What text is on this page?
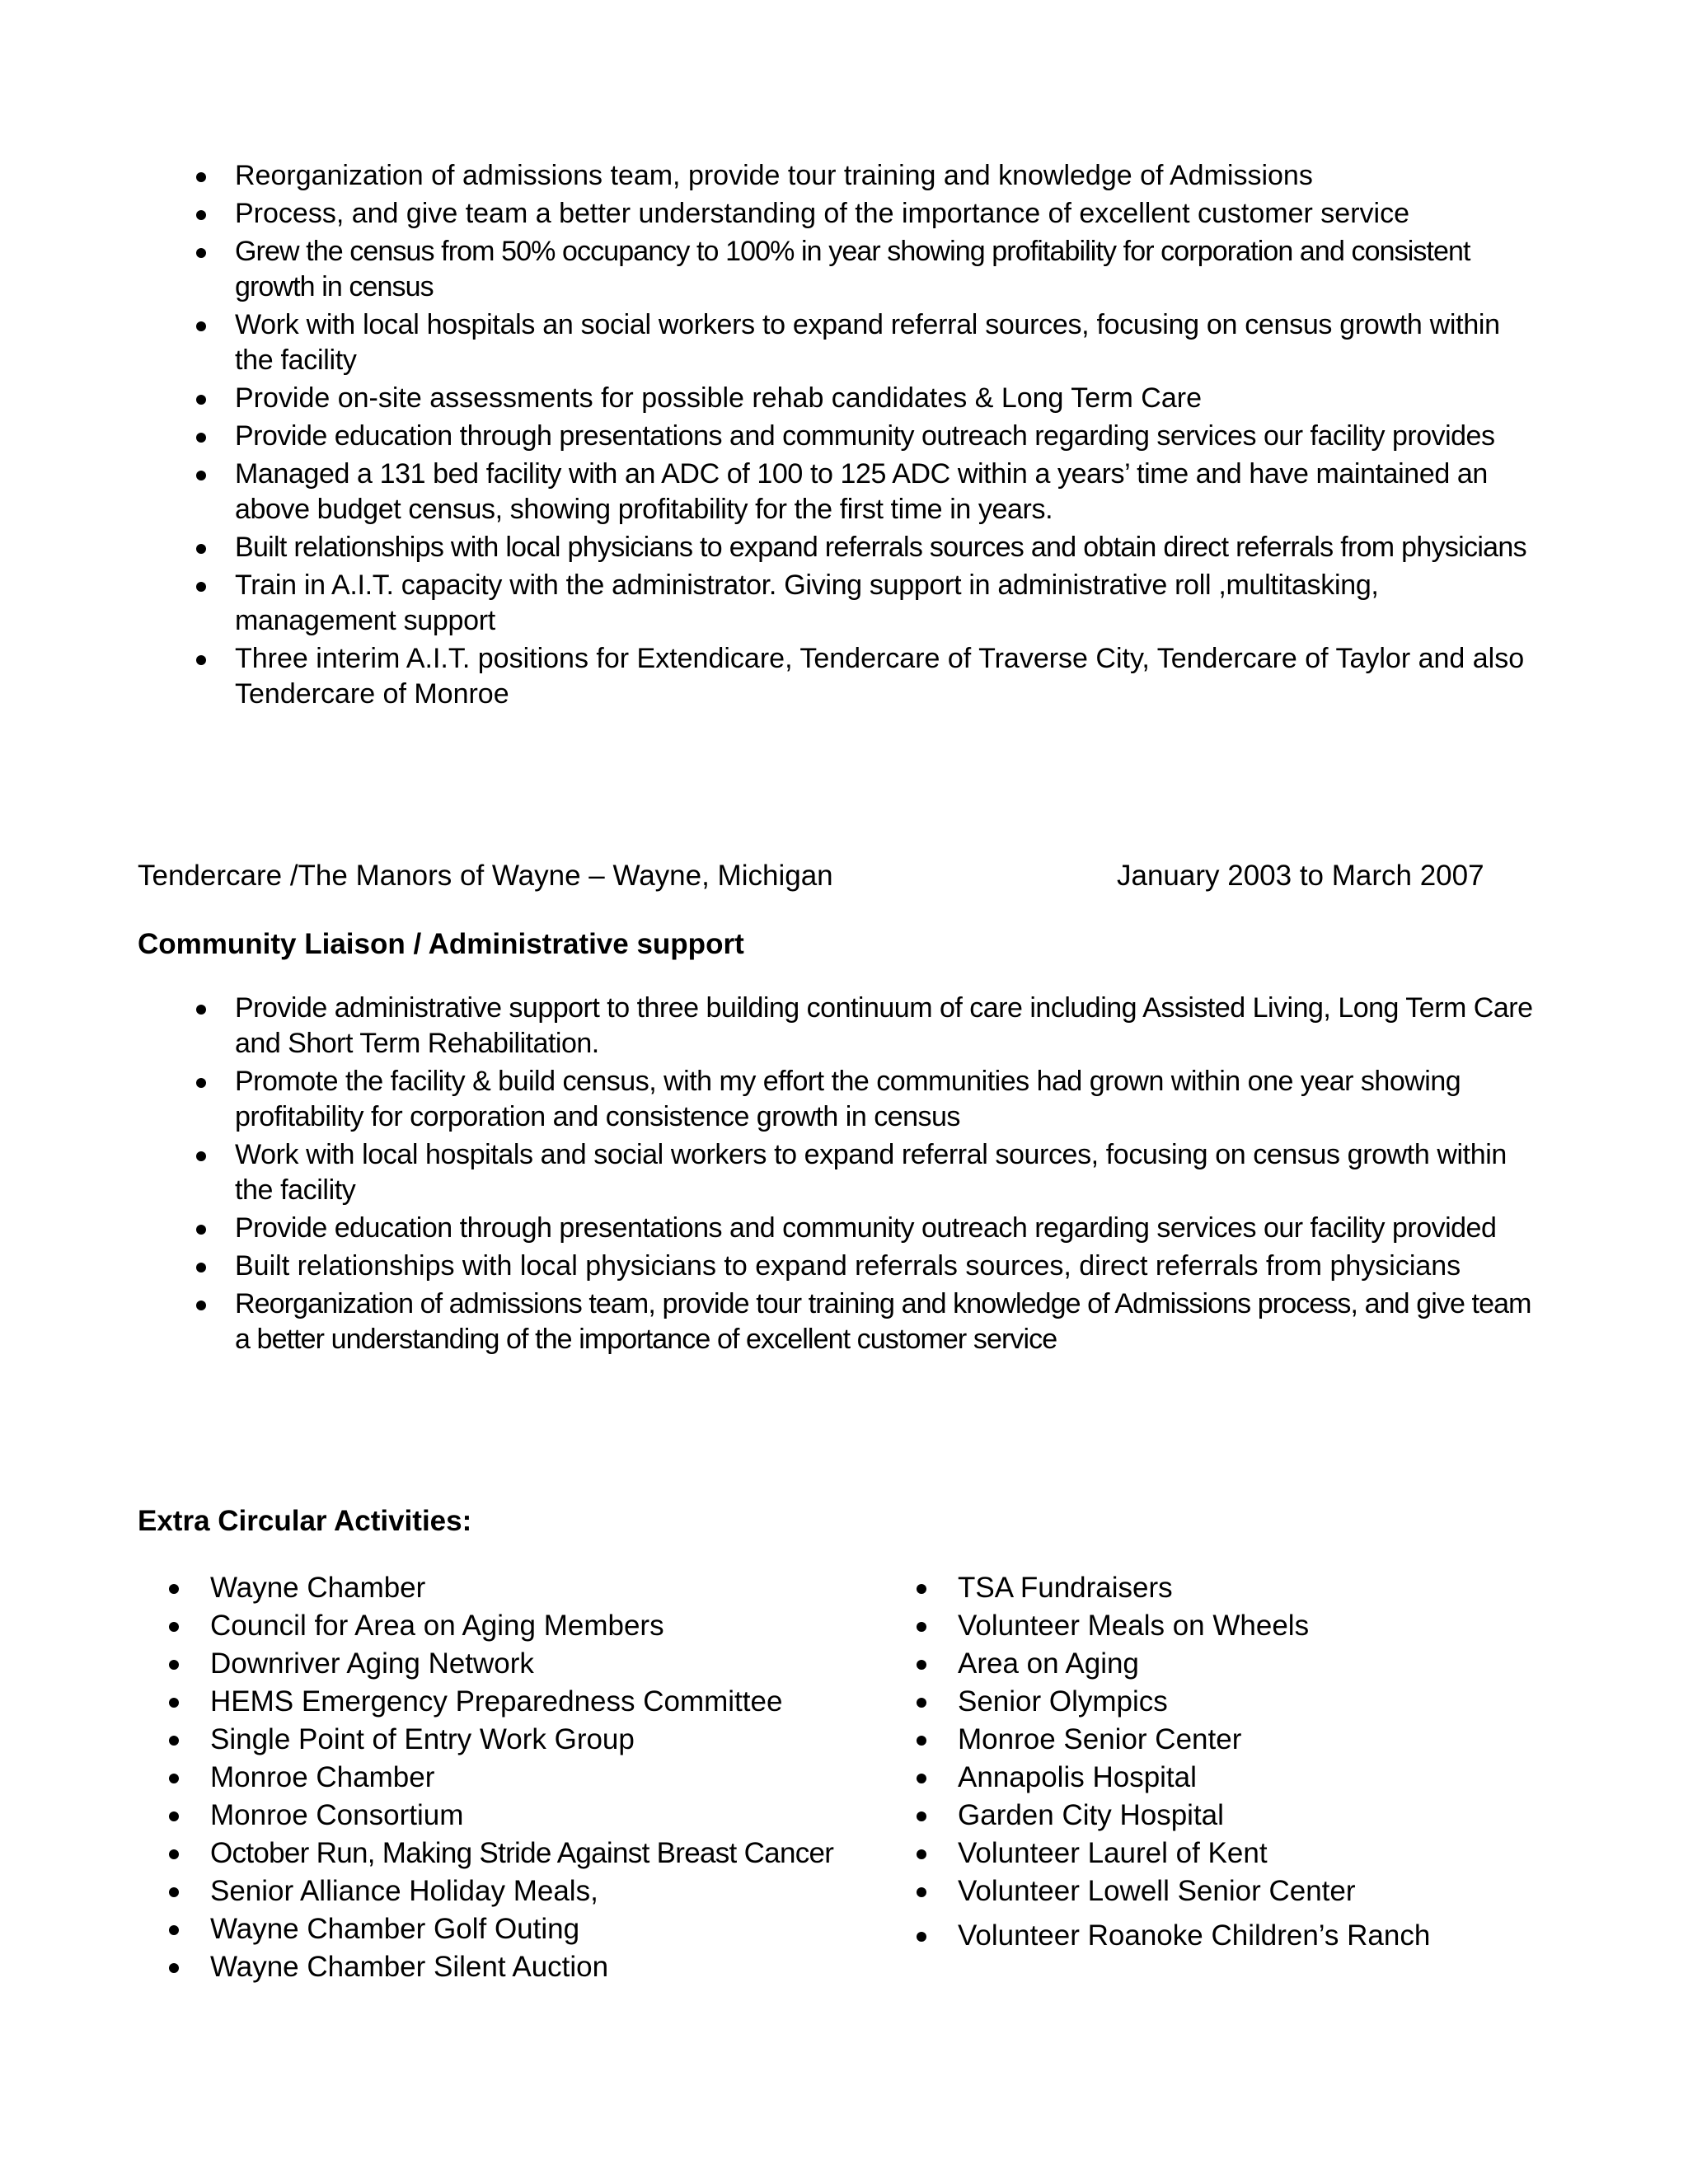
Reorganization of admissions team, provide tour training and knowledge of Admissions
Process, and give team a better understanding of the importance of excellent customer service
Grew the census from 50% occupancy to 100% in year showing profitability for corporation and consistent growth in census
Work with local hospitals an social workers to expand referral sources, focusing on census growth within the facility
Provide on-site assessments for possible rehab candidates & Long Term Care
Provide education through presentations and community outreach regarding services our facility provides
Managed a 131 bed facility with an ADC of 100 to 125 ADC within a years’ time and have maintained an above budget census, showing profitability for the first time in years.
Built relationships with local physicians to expand referrals sources and obtain direct referrals from physicians
Train in A.I.T. capacity with the administrator. Giving support in administrative roll ,multitasking, management support
Three interim A.I.T. positions for Extendicare, Tendercare of Traverse City, Tendercare of Taylor and also Tendercare of Monroe
Tendercare /The Manors of Wayne – Wayne, Michigan	January 2003 to March 2007
Community Liaison / Administrative support
Provide administrative support to three building continuum of care including Assisted Living, Long Term Care and Short Term Rehabilitation.
Promote the facility & build census, with my effort the communities had grown within one year showing profitability for corporation and consistence growth in census
Work with local hospitals and social workers to expand referral sources, focusing on census growth within the facility
Provide education through presentations and community outreach regarding services our facility provided
Built relationships with local physicians to expand referrals sources, direct referrals from physicians
Reorganization of admissions team, provide tour training and knowledge of Admissions process, and give team a better understanding of the importance of excellent customer service
Extra Circular Activities:
Wayne Chamber
Council for Area on Aging Members
Downriver Aging Network
HEMS Emergency Preparedness Committee
Single Point of Entry Work Group
Monroe Chamber
Monroe Consortium
October Run, Making Stride Against Breast Cancer
Senior Alliance Holiday Meals,
Wayne Chamber Golf Outing
Wayne Chamber Silent Auction
TSA Fundraisers
Volunteer Meals on Wheels
Area on Aging
Senior Olympics
Monroe Senior Center
Annapolis Hospital
Garden City Hospital
Volunteer Laurel of Kent
Volunteer Lowell Senior Center
Volunteer Roanoke Children’s Ranch
